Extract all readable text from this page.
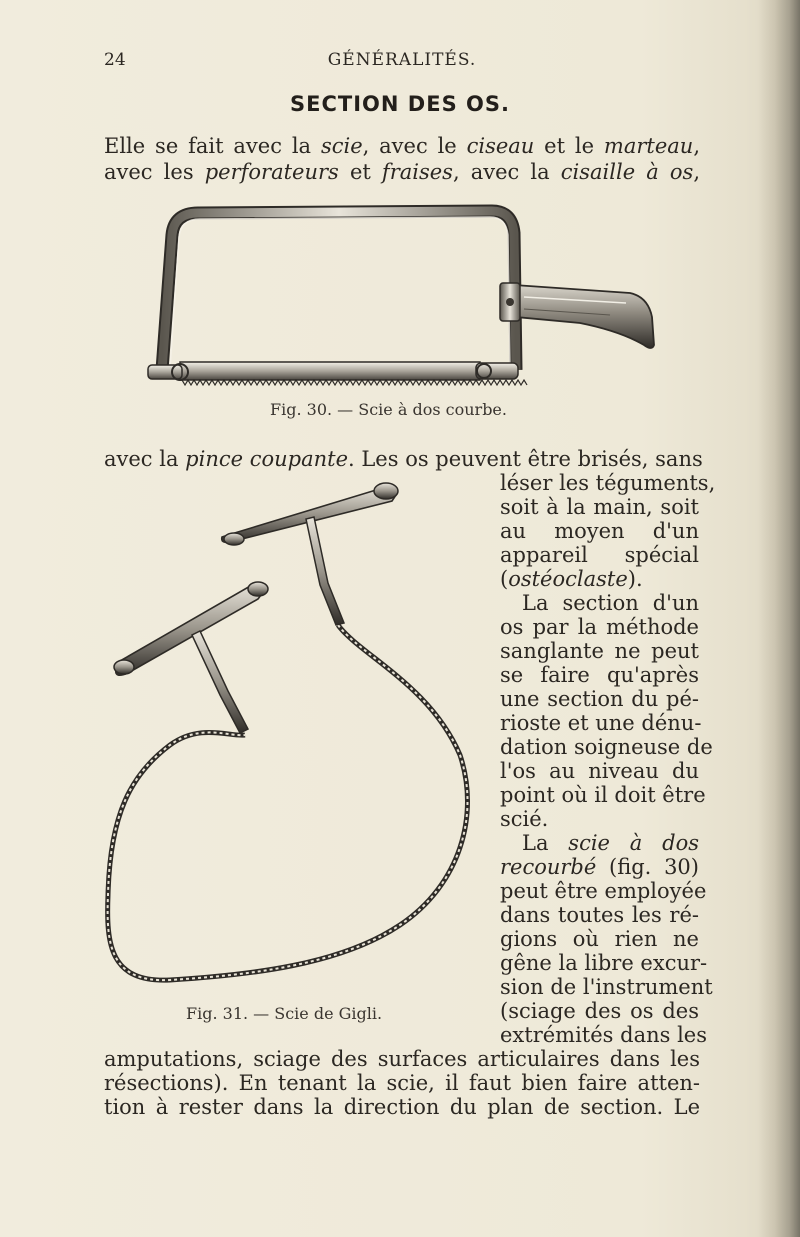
24	GÉNÉRALITÉS.
SECTION DES OS.
Elle se fait avec la scie, avec le ciseau et le marteau,
avec les perforateurs et fraises, avec la cisaille à os,
Fig. 30. — Scie à dos courbe.
avec la pince coupante. Les os peuvent être brisés, sans
Fig. 31. — Scie de Gigli.
léser les téguments,
soit à la main, soit
au moyen d'un
appareil spécial
(ostéoclaste).
La section d'un
os par la méthode
sanglante ne peut
se faire qu'après
une section du pé-
rioste et une dénu-
dation soigneuse de
l'os au niveau du
point où il doit être
scié.
La scie à dos
recourbé (fig. 30)
peut être employée
dans toutes les ré-
gions où rien ne
gêne la libre excur-
sion de l'instrument
(sciage des os des
extrémités dans les
amputations, sciage des surfaces articulaires dans les
résections). En tenant la scie, il faut bien faire atten-
tion à rester dans la direction du plan de section. Le
